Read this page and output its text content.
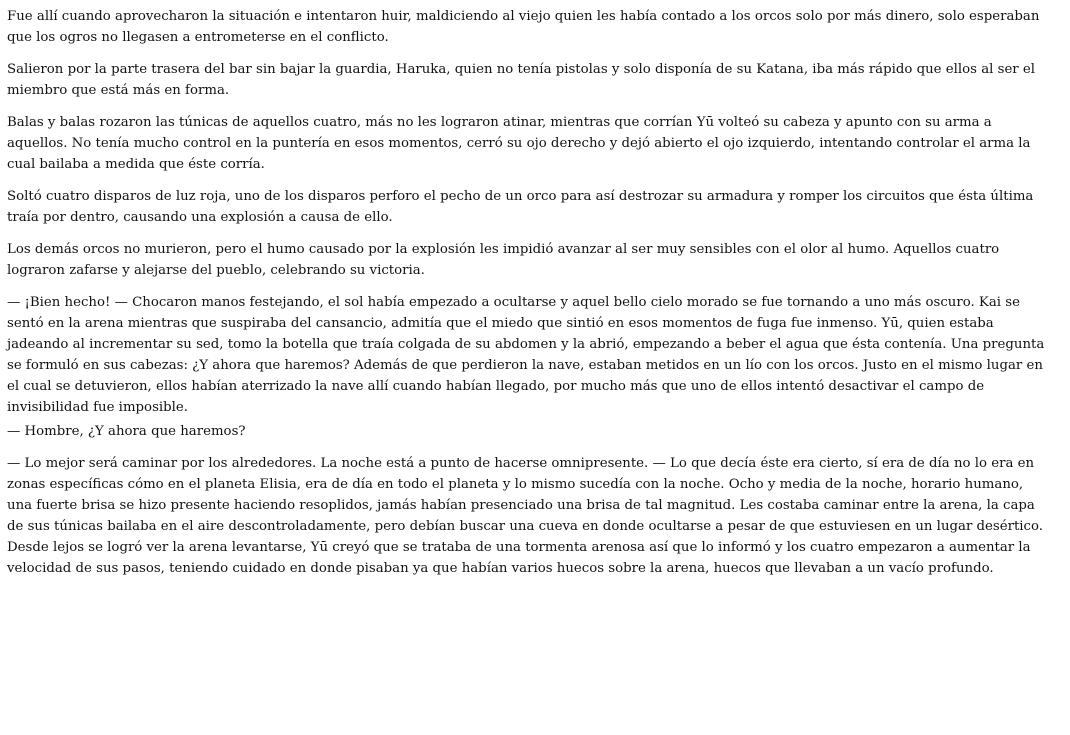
Fue allí cuando aprovecharon la situación e intentaron huir, maldiciendo al viejo quien les había contado a los orcos solo por más dinero, solo esperaban que los ogros no llegasen a entrometerse en el conflicto.

Salieron por la parte trasera del bar sin bajar la guardia, Haruka, quien no tenía pistolas y solo disponía de su Katana, iba más rápido que ellos al ser el miembro que está más en forma.

Balas y balas rozaron las túnicas de aquellos cuatro, más no les lograron atinar, mientras que corrían Yū volteó su cabeza y apunto con su arma a aquellos. No tenía mucho control en la puntería en esos momentos, cerró su ojo derecho y dejó abierto el ojo izquierdo, intentando controlar el arma la cual bailaba a medida que éste corría.

Soltó cuatro disparos de luz roja, uno de los disparos perforo el pecho de un orco para así destrozar su armadura y romper los circuitos que ésta última traía por dentro, causando una explosión a causa de ello.

Los demás orcos no murieron, pero el humo causado por la explosión les impidió avanzar al ser muy sensibles con el olor al humo. Aquellos cuatro lograron zafarse y alejarse del pueblo, celebrando su victoria.

— ¡Bien hecho! — Chocaron manos festejando, el sol había empezado a ocultarse y aquel bello cielo morado se fue tornando a uno más oscuro. Kai se sentó en la arena mientras que suspiraba del cansancio, admitía que el miedo que sintió en esos momentos de fuga fue inmenso. Yū, quien estaba jadeando al incrementar su sed, tomo la botella que traía colgada de su abdomen y la abrió, empezando a beber el agua que ésta contenía. Una pregunta se formuló en sus cabezas: ¿Y ahora que haremos? Además de que perdieron la nave, estaban metidos en un lío con los orcos. Justo en el mismo lugar en el cual se detuvieron, ellos habían aterrizado la nave allí cuando habían llegado, por mucho más que uno de ellos intentó desactivar el campo de invisibilidad fue imposible.

— Hombre, ¿Y ahora que haremos?

— Lo mejor será caminar por los alrededores. La noche está a punto de hacerse omnipresente. — Lo que decía éste era cierto, sí era de día no lo era en zonas específicas cómo en el planeta Elisia, era de día en todo el planeta y lo mismo sucedía con la noche. Ocho y media de la noche, horario humano, una fuerte brisa se hizo presente haciendo resoplidos, jamás habían presenciado una brisa de tal magnitud. Les costaba caminar entre la arena, la capa de sus túnicas bailaba en el aire descontroladamente, pero debían buscar una cueva en donde ocultarse a pesar de que estuviesen en un lugar desértico. Desde lejos se logró ver la arena levantarse, Yū creyó que se trataba de una tormenta arenosa así que lo informó y los cuatro empezaron a aumentar la velocidad de sus pasos, teniendo cuidado en donde pisaban ya que habían varios huecos sobre la arena, huecos que llevaban a un vacío profundo.
